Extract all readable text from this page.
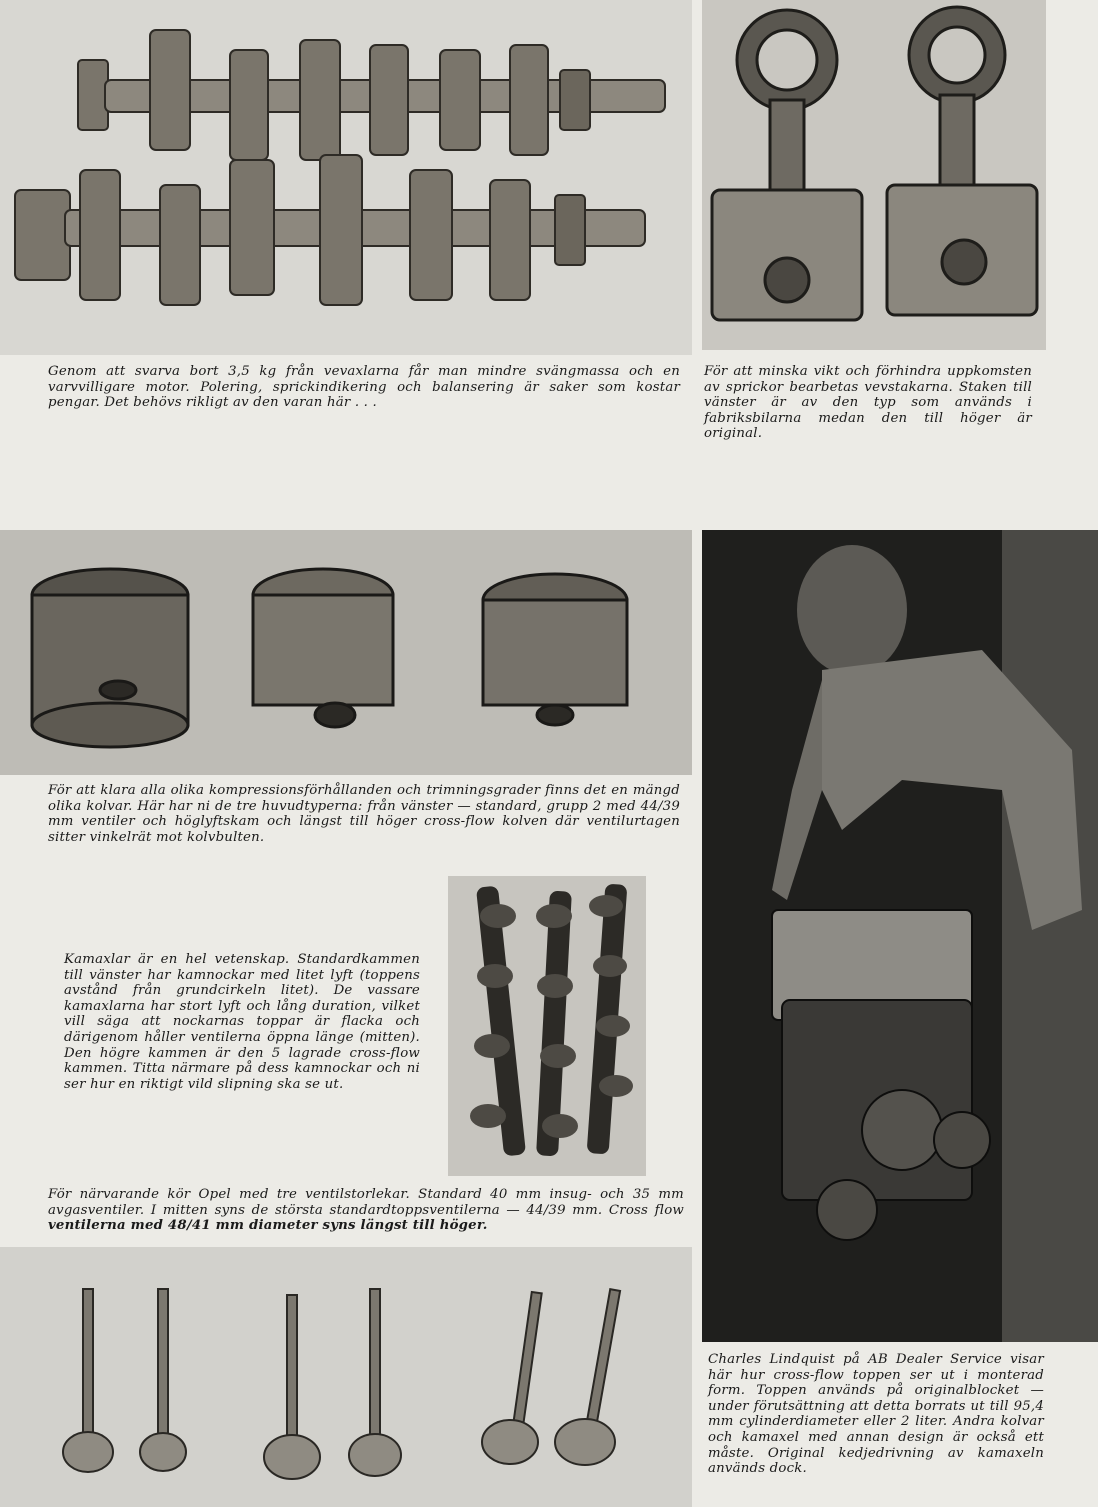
Genom att svarva bort 3,5 kg från vevaxlarna får man mindre svängmassa och en varvvilligare motor. Polering, sprickindikering och balansering är saker som kostar pengar. Det behövs rikligt av den varan här . . .

För att minska vikt och förhindra uppkomsten av sprickor bearbetas vevstakarna. Staken till vänster är av den typ som används i fabriksbilarna medan den till höger är original.

För att klara alla olika kompressionsförhållanden och trimningsgrader finns det en mängd olika kolvar. Här har ni de tre huvudtyperna: från vänster — standard, grupp 2 med 44/39 mm ventiler och höglyftskam och längst till höger cross-flow kolven där ventilurtagen sitter vinkelrät mot kolvbulten.

Kamaxlar är en hel vetenskap. Standardkammen till vänster har kamnockar med litet lyft (toppens avstånd från grundcirkeln litet). De vassare kamaxlarna har stort lyft och lång duration, vilket vill säga att nockarnas toppar är flacka och därigenom håller ventilerna öppna länge (mitten). Den högre kammen är den 5 lagrade cross-flow kammen. Titta närmare på dess kamnockar och ni ser hur en riktigt vild slipning ska se ut.

För närvarande kör Opel med tre ventilstorlekar. Standard 40 mm insug- och 35 mm avgasventiler. I mitten syns de största standardtoppsventilerna — 44/39 mm. Cross flow ventilerna med 48/41 mm diameter syns längst till höger.

Charles Lindquist på AB Dealer Service visar här hur cross-flow toppen ser ut i monterad form. Toppen används på originalblocket — under förutsättning att detta borrats ut till 95,4 mm cylinderdiameter eller 2 liter. Andra kolvar och kamaxel med annan design är också ett måste. Original kedjedrivning av kamaxeln används dock.
